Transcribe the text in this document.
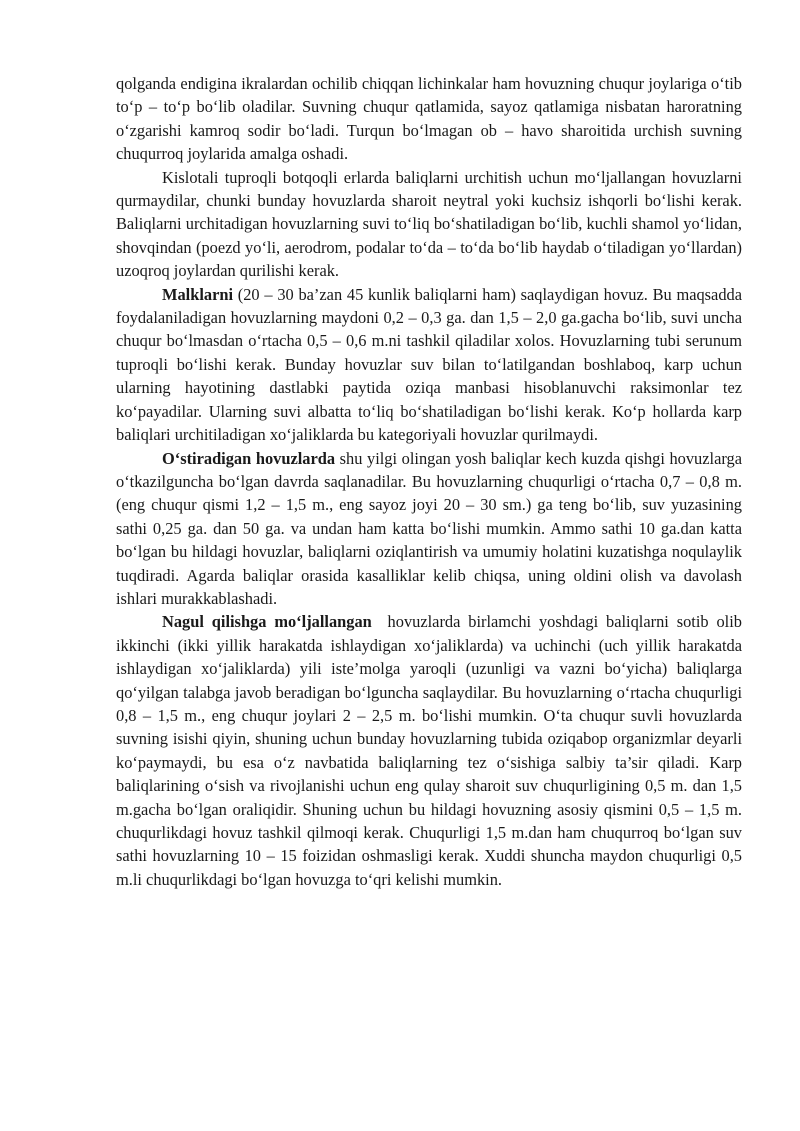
qolganda endigina ikralardan ochilib chiqqan lichinkalar ham hovuzning chuqur joylariga o‘tib to‘p – to‘p bo‘lib oladilar. Suvning chuqur qatlamida, sayoz qatlamiga nisbatan haroratning o‘zgarishi kamroq sodir bo‘ladi. Turqun bo‘lmagan ob – havo sharoitida urchish suvning chuqurroq joylarida amalga oshadi.

Kislotali tuproqli botqoqli erlarda baliqlarni urchitish uchun mo‘ljallangan hovuzlarni qurmaydilar, chunki bunday hovuzlarda sharoit neytral yoki kuchsiz ishqorli bo‘lishi kerak. Baliqlarni urchitadigan hovuzlarning suvi to‘liq bo‘shatiladigan bo‘lib, kuchli shamol yo‘lidan, shovqindan (poezd yo‘li, aerodrom, podalar to‘da – to‘da bo‘lib haydab o‘tiladigan yo‘llardan) uzoqroq joylardan qurilishi kerak.

Malklarni (20 – 30 ba’zan 45 kunlik baliqlarni ham) saqlaydigan hovuz. Bu maqsadda foydalaniladigan hovuzlarning maydoni 0,2 – 0,3 ga. dan 1,5 – 2,0 ga.gacha bo‘lib, suvi uncha chuqur bo‘lmasdan o‘rtacha 0,5 – 0,6 m.ni tashkil qiladilar xolos. Hovuzlarning tubi serunum tuproqli bo‘lishi kerak. Bunday hovuzlar suv bilan to‘latilgandan boshlaboq, karp uchun ularning hayotining dastlabki paytida oziqa manbasi hisoblanuvchi raksimonlar tez ko‘payadilar. Ularning suvi albatta to‘liq bo‘shatiladigan bo‘lishi kerak. Ko‘p hollarda karp baliqlari urchitiladigan xo‘jaliklarda bu kategoriyali hovuzlar qurilmaydi.

O‘stiradigan hovuzlarda shu yilgi olingan yosh baliqlar kech kuzda qishgi hovuzlarga o‘tkazilguncha bo‘lgan davrda saqlanadilar. Bu hovuzlarning chuqurligi o‘rtacha 0,7 – 0,8 m. (eng chuqur qismi 1,2 – 1,5 m., eng sayoz joyi 20 – 30 sm.) ga teng bo‘lib, suv yuzasining sathi 0,25 ga. dan 50 ga. va undan ham katta bo‘lishi mumkin. Ammo sathi 10 ga.dan katta bo‘lgan bu hildagi hovuzlar, baliqlarni oziqlantirish va umumiy holatini kuzatishga noqulaylik tuqdiradi. Agarda baliqlar orasida kasalliklar kelib chiqsa, uning oldini olish va davolash ishlari murakkablashadi.

Nagul qilishga mo‘ljallangan  hovuzlarda birlamchi yoshdagi baliqlarni sotib olib ikkinchi (ikki yillik harakatda ishlaydigan xo‘jaliklarda) va uchinchi (uch yillik harakatda ishlaydigan xo‘jaliklarda) yili iste’molga yaroqli (uzunligi va vazni bo‘yicha) baliqlarga qo‘yilgan talabga javob beradigan bo‘lguncha saqlaydilar. Bu hovuzlarning o‘rtacha chuqurligi 0,8 – 1,5 m., eng chuqur joylari 2 – 2,5 m. bo‘lishi mumkin. O‘ta chuqur suvli hovuzlarda suvning isishi qiyin, shuning uchun bunday hovuzlarning tubida oziqabop organizmlar deyarli ko‘paymaydi, bu esa o‘z navbatida baliqlarning tez o‘sishiga salbiy ta’sir qiladi. Karp baliqlarining o‘sish va rivojlanishi uchun eng qulay sharoit suv chuqurligining 0,5 m. dan 1,5 m.gacha bo‘lgan oraliqidir. Shuning uchun bu hildagi hovuzning asosiy qismini 0,5 – 1,5 m. chuqurlikdagi hovuz tashkil qilmoqi kerak. Chuqurligi 1,5 m.dan ham chuqurroq bo‘lgan suv sathi hovuzlarning 10 – 15 foizidan oshmasligi kerak. Xuddi shuncha maydon chuqurligi 0,5 m.li chuqurlikdagi bo‘lgan hovuzga to‘qri kelishi mumkin.
